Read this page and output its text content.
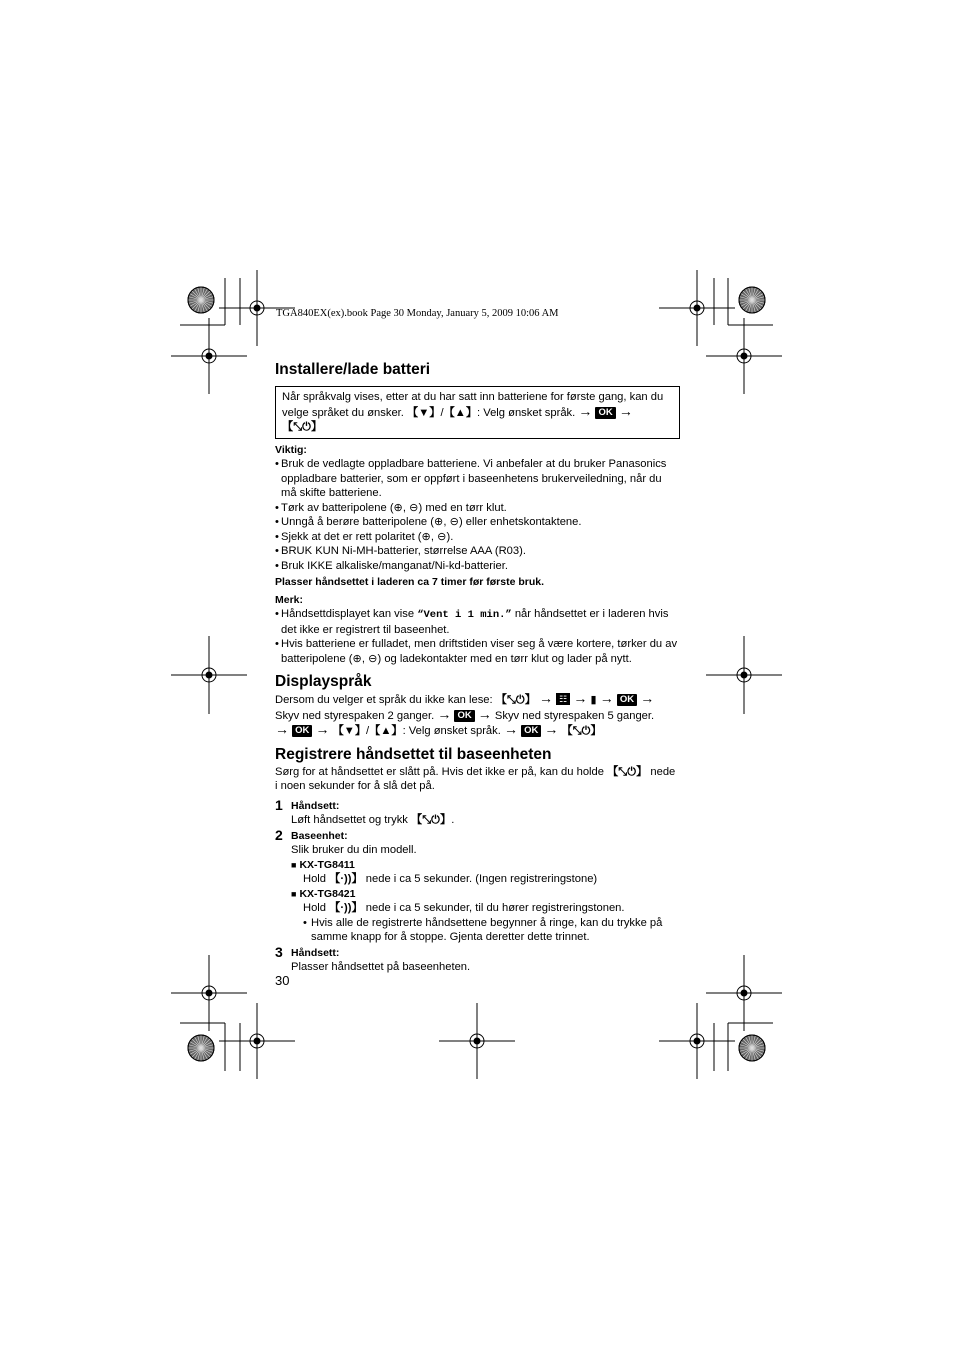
TGA840EX(ex).book Page 30 Monday, January 5, 2009 10:06 AM
Installere/lade batteri
Når språkvalg vises, etter at du har satt inn batteriene for første gang, kan du
velge språket du ønsker. 【▼】/【▲】: Velg ønsket språk. → OK → 【⤡⏻】
Viktig:
• Bruk de vedlagte oppladbare batteriene. Vi anbefaler at du bruker Panasonics oppladbare batterier, som er oppført i baseenhetens brukerveiledning, når du må skifte batteriene.
• Tørk av batteripolene (⊕, ⊖) med en tørr klut.
• Unngå å berøre batteripolene (⊕, ⊖) eller enhetskontaktene.
• Sjekk at det er rett polaritet (⊕, ⊖).
• BRUK KUN Ni-MH-batterier, størrelse AAA (R03).
• Bruk IKKE alkaliske/manganat/Ni-kd-batterier.
Plasser håndsettet i laderen ca 7 timer før første bruk.
Merk:
• Håndsettdisplayet kan vise “Vent i 1 min.” når håndsettet er i laderen hvis det ikke er registrert til baseenhet.
• Hvis batteriene er fulladet, men driftstiden viser seg å være kortere, tørker du av batteripolene (⊕, ⊖) og ladekontakter med en tørr klut og lader på nytt.
Displayspråk
Dersom du velger et språk du ikke kan lese: 【⤡⏻】 → ☷ → ▮ → OK →
Skyv ned styrespaken 2 ganger. → OK → Skyv ned styrespaken 5 ganger.
→ OK → 【▼】/【▲】: Velg ønsket språk. → OK → 【⤡⏻】
Registrere håndsettet til baseenheten
Sørg for at håndsettet er slått på. Hvis det ikke er på, kan du holde 【⤡⏻】 nede i noen sekunder for å slå det på.
1 Håndsett:
Løft håndsettet og trykk 【⤡⏻】.
2 Baseenhet:
Slik bruker du din modell.
■ KX-TG8411
Hold 【·))】 nede i ca 5 sekunder. (Ingen registreringstone)
■ KX-TG8421
Hold 【·))】 nede i ca 5 sekunder, til du hører registreringstonen.
• Hvis alle de registrerte håndsettene begynner å ringe, kan du trykke på samme knapp for å stoppe. Gjenta deretter dette trinnet.
3 Håndsett:
Plasser håndsettet på baseenheten.
30
